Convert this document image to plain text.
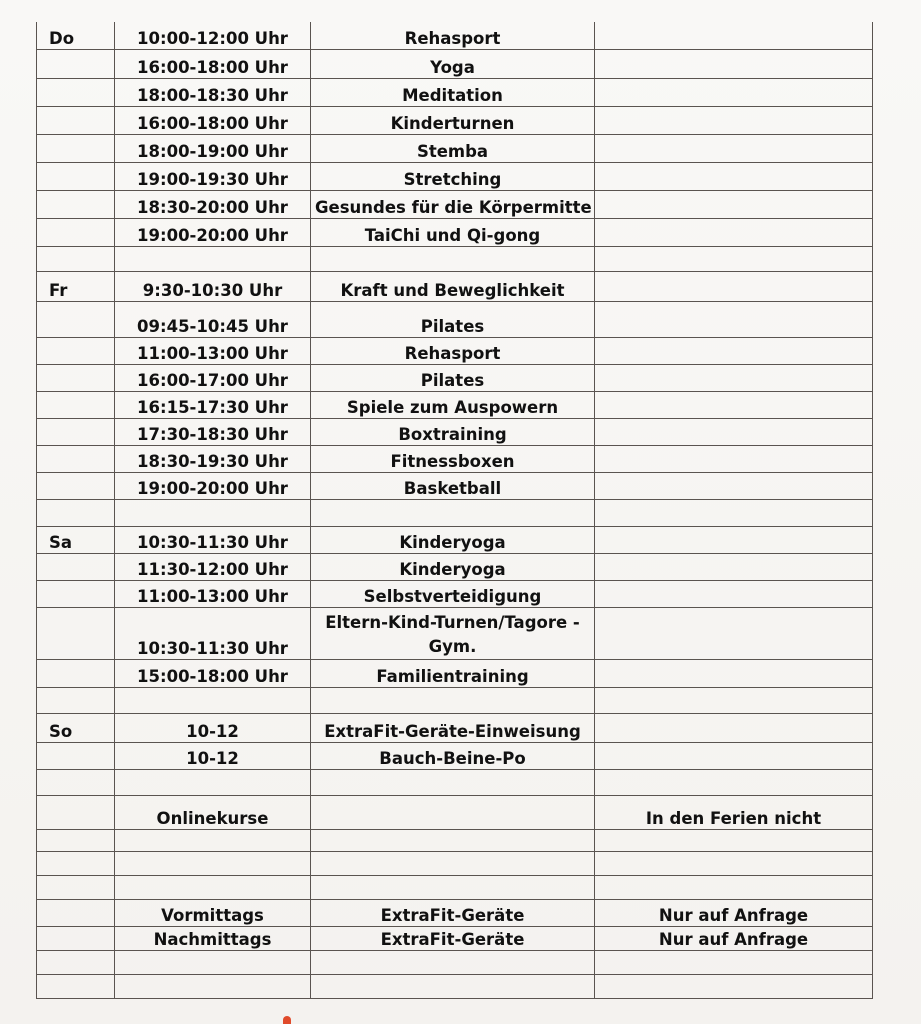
Do	10:00-12:00 Uhr	Rehasport	
	16:00-18:00 Uhr	Yoga	
	18:00-18:30 Uhr	Meditation	
	16:00-18:00 Uhr	Kinderturnen	
	18:00-19:00 Uhr	Stemba	
	19:00-19:30 Uhr	Stretching	
	18:30-20:00 Uhr	Gesundes für die Körpermitte	
	19:00-20:00 Uhr	TaiChi und Qi-gong	

Fr	9:30-10:30 Uhr	Kraft und Beweglichkeit	
	09:45-10:45 Uhr	Pilates	
	11:00-13:00 Uhr	Rehasport	
	16:00-17:00 Uhr	Pilates	
	16:15-17:30 Uhr	Spiele zum Auspowern	
	17:30-18:30 Uhr	Boxtraining	
	18:30-19:30 Uhr	Fitnessboxen	
	19:00-20:00 Uhr	Basketball	

Sa	10:30-11:30 Uhr	Kinderyoga	
	11:30-12:00 Uhr	Kinderyoga	
	11:00-13:00 Uhr	Selbstverteidigung	
	10:30-11:30 Uhr	Eltern-Kind-Turnen/Tagore - Gym.	
	15:00-18:00 Uhr	Familientraining	

So	10-12	ExtraFit-Geräte-Einweisung	
	10-12	Bauch-Beine-Po	

	Onlinekurse		In den Ferien nicht

	Vormittags	ExtraFit-Geräte	Nur auf Anfrage
	Nachmittags	ExtraFit-Geräte	Nur auf Anfrage
